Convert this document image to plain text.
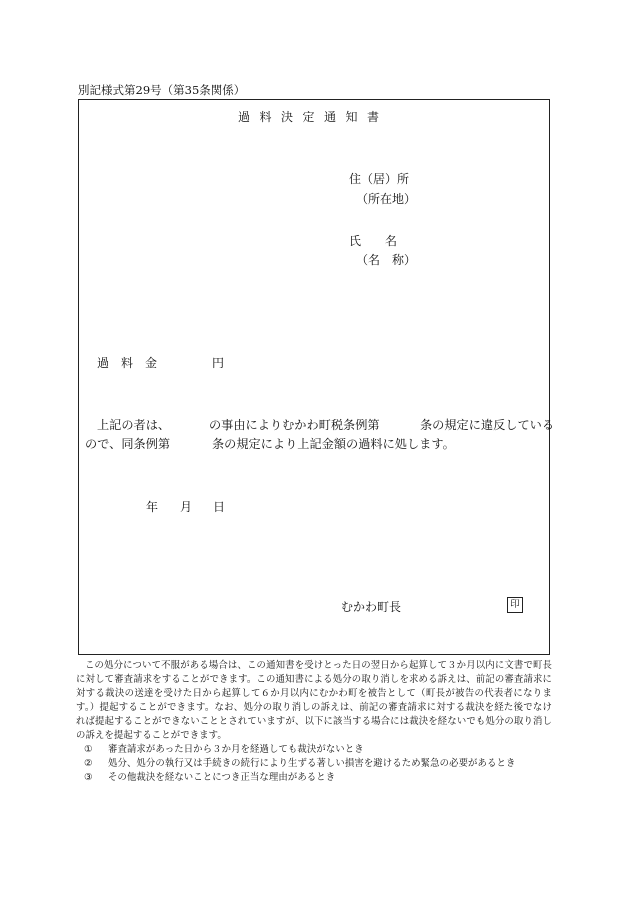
別記様式第29号（第35条関係）
過料決定通知書
住（居）所
（所在地）
氏　　名
（名　称）
過　料　金	円
上記の者は、	の事由によりむかわ町税条例第	条の規定に違反している
ので、同条例第	条の規定により上記金額の過料に処します。
年 月 日
むかわ町長	印

この処分について不服がある場合は、この通知書を受けとった日の翌日から起算して３か月以内に文書で町長に対して審査請求をすることができます。この通知書による処分の取り消しを求める訴えは、前記の審査請求に対する裁決の送達を受けた日から起算して６か月以内にむかわ町を被告として（町長が被告の代表者になります。）提起することができます。なお、処分の取り消しの訴えは、前記の審査請求に対する裁決を経た後でなければ提起することができないこととされていますが、以下に該当する場合には裁決を経ないでも処分の取り消しの訴えを提起することができます。

① 審査請求があった日から３か月を経過しても裁決がないとき
② 処分、処分の執行又は手続きの続行により生ずる著しい損害を避けるため緊急の必要があるとき
③ その他裁決を経ないことにつき正当な理由があるとき
